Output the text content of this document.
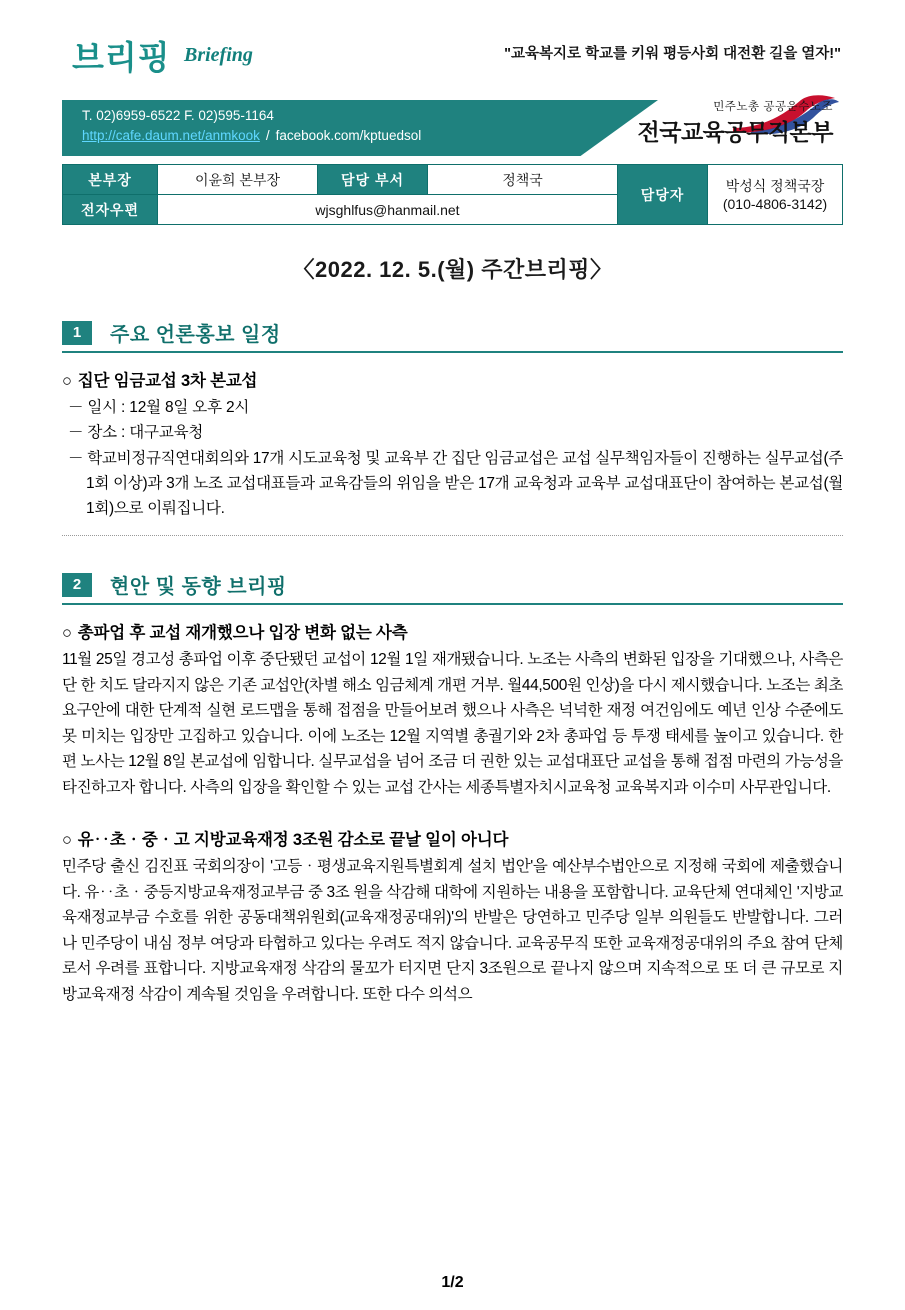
브리핑 Briefing	"교육복지로 학교를 키워 평등사회 대전환 길을 열자!"
T. 02)6959-6522 F. 02)595-1164
http://cafe.daum.net/anmkook / facebook.com/kptuedsol
민주노총 공공운수노조
전국교육공무직본부
본부장	이윤희 본부장	담당 부서	정책국	담당자	박성식 정책국장
(010-4806-3142)

전자우편	wjsghlfus@hanmail.net				
〈2022. 12. 5.(월) 주간브리핑〉
1	주요 언론홍보 일정
○ 집단 임금교섭 3차 본교섭
－ 일시 : 12월 8일 오후 2시
－ 장소 : 대구교육청
－ 학교비정규직연대회의와 17개 시도교육청 및 교육부 간 집단 임금교섭은 교섭 실무책임자들이 진행하는 실무교섭(주 1회 이상)과 3개 노조 교섭대표들과 교육감들의 위임을 받은 17개 교육청과 교육부 교섭대표단이 참여하는 본교섭(월 1회)으로 이뤄집니다.
2	현안 및 동향 브리핑
○ 총파업 후 교섭 재개했으나 입장 변화 없는 사측
11월 25일 경고성 총파업 이후 중단됐던 교섭이 12월 1일 재개됐습니다. 노조는 사측의 변화된 입장을 기대했으나, 사측은 단 한 치도 달라지지 않은 기존 교섭안(차별 해소 임금체계 개편 거부. 월44,500원 인상)을 다시 제시했습니다. 노조는 최초 요구안에 대한 단계적 실현 로드맵을 통해 접점을 만들어보려 했으나 사측은 넉넉한 재정 여건임에도 예년 인상 수준에도 못 미치는 입장만 고집하고 있습니다. 이에 노조는 12월 지역별 총궐기와 2차 총파업 등 투쟁 태세를 높이고 있습니다. 한편 노사는 12월 8일 본교섭에 임합니다. 실무교섭을 넘어 조금 더 권한 있는 교섭대표단 교섭을 통해 접점 마련의 가능성을 타진하고자 합니다. 사측의 입장을 확인할 수 있는 교섭 간사는 세종특별자치시교육청 교육복지과 이수미 사무관입니다.
○ 유‥초‧중‧고 지방교육재정 3조원 감소로 끝날 일이 아니다
민주당 출신 김진표 국회의장이 '고등‧평생교육지원특별회계 설치 법안'을 예산부수법안으로 지정해 국회에 제출했습니다. 유‥초‧중등지방교육재정교부금 중 3조 원을 삭감해 대학에 지원하는 내용을 포함합니다. 교육단체 연대체인 '지방교육재정교부금 수호를 위한 공동대책위원회(교육재정공대위)'의 반발은 당연하고 민주당 일부 의원들도 반발합니다. 그러나 민주당이 내심 정부 여당과 타협하고 있다는 우려도 적지 않습니다. 교육공무직 또한 교육재정공대위의 주요 참여 단체로서 우려를 표합니다. 지방교육재정 삭감의 물꼬가 터지면 단지 3조원으로 끝나지 않으며 지속적으로 또 더 큰 규모로 지방교육재정 삭감이 계속될 것임을 우려합니다. 또한 다수 의석으
1/2
